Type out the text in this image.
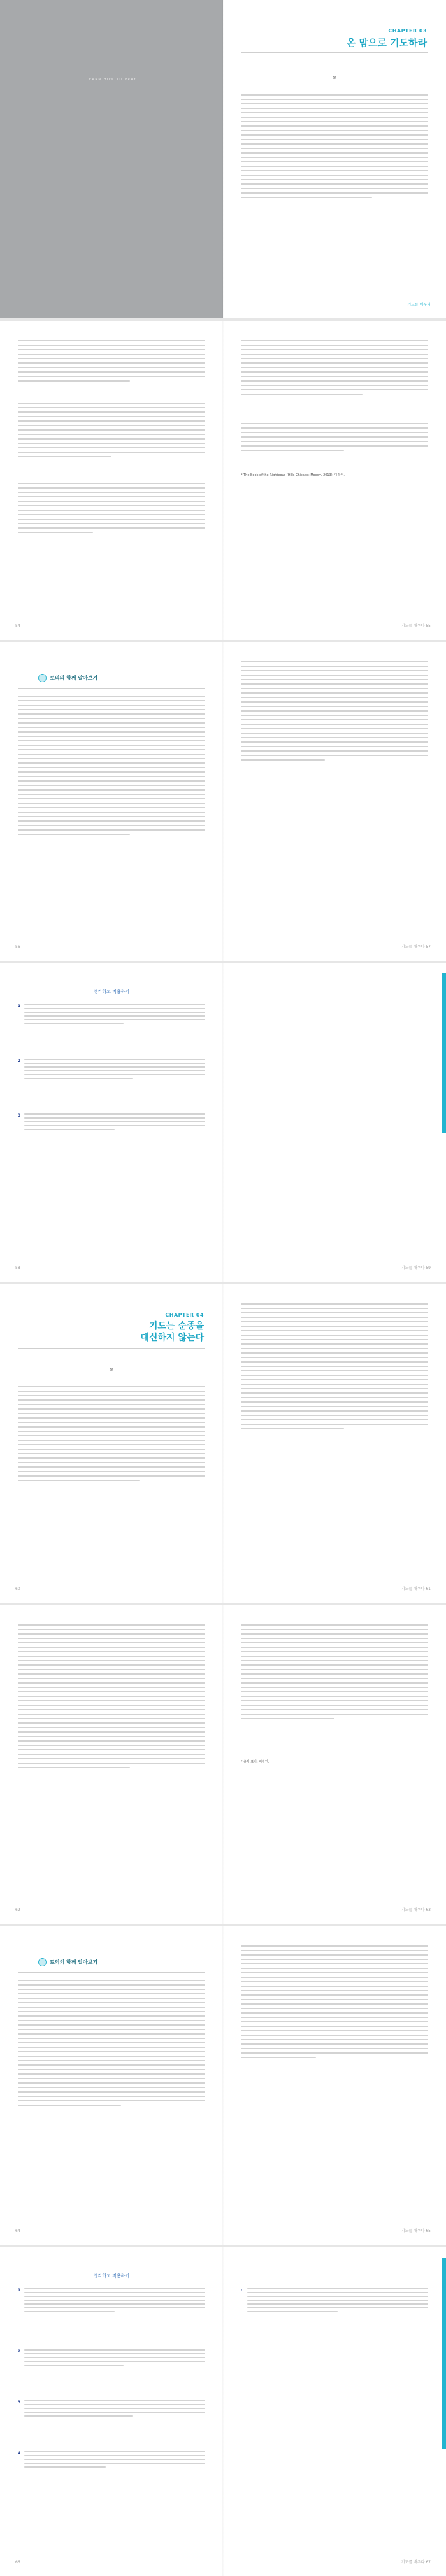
LEARN HOW TO PRAY
CHAPTER 03
온 맘으로 기도하라
⊗
기도를 배우다
54
* The Book of the Righteous (Hills Chicago: Moody, 2013), 미확인.
기도를 배우다 55
토의의 함께 알아보기
56	기도를 배우다 57
생각하고 적용하기
1
2
3
58	기도를 배우다 59
CHAPTER 04
기도는 순종을
대신하지 않는다
⊗
60	기도를 배우다 61
62
* 출처 표기: 미확인.
기도를 배우다 63
토의의 함께 알아보기
64	기도를 배우다 65
생각하고 적용하기
1
2
3
4
66
·
기도를 배우다 67
